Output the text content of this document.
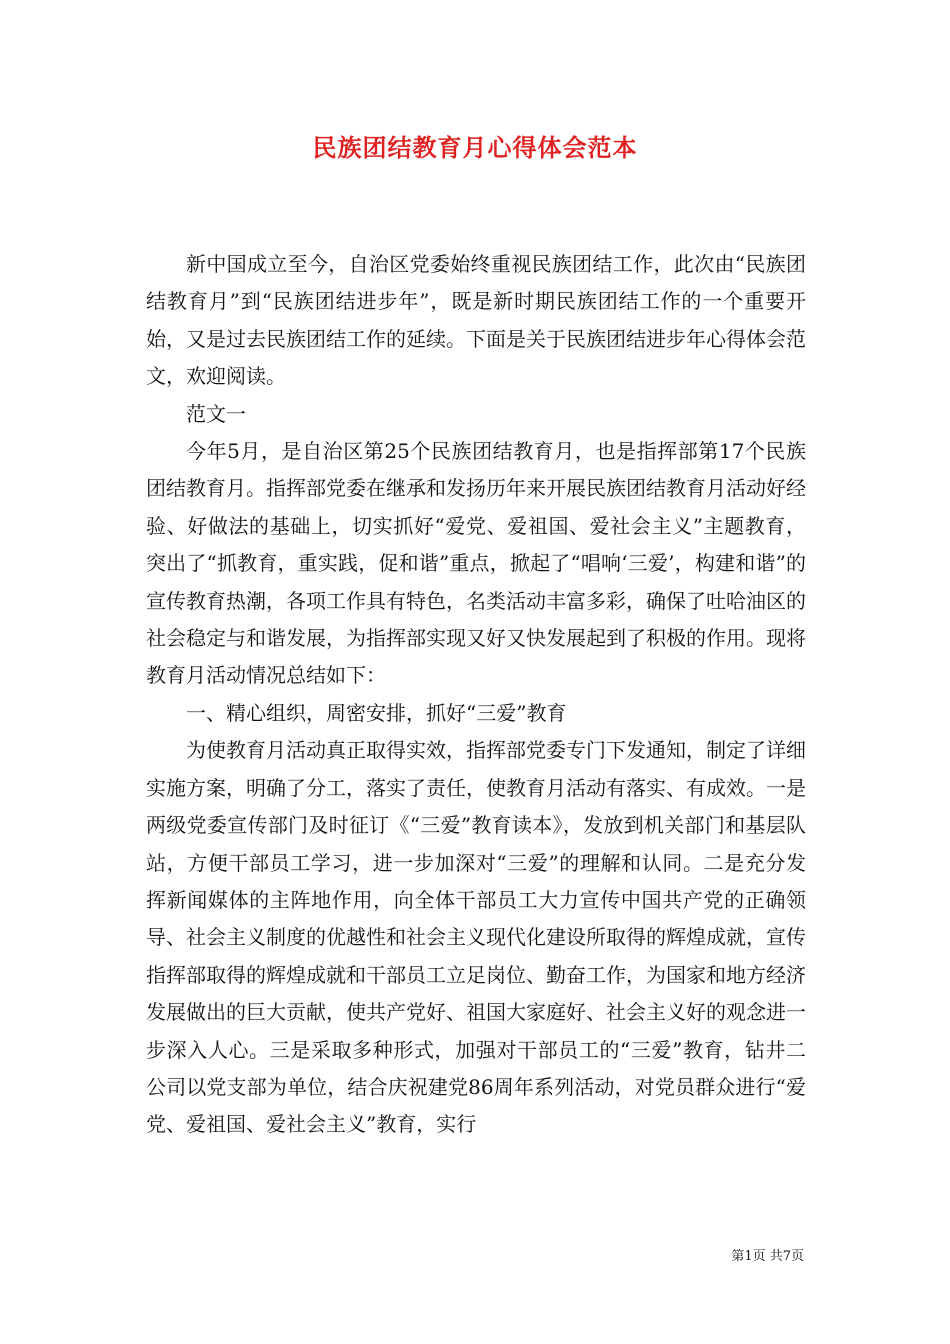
民族团结教育月心得体会范本

新中国成立至今，自治区党委始终重视民族团结工作，此次由“民族团结教育月”到“民族团结进步年”，既是新时期民族团结工作的一个重要开始，又是过去民族团结工作的延续。下面是关于民族团结进步年心得体会范文，欢迎阅读。

范文一

今年5月，是自治区第25个民族团结教育月，也是指挥部第17个民族团结教育月。指挥部党委在继承和发扬历年来开展民族团结教育月活动好经验、好做法的基础上，切实抓好“爱党、爱祖国、爱社会主义”主题教育，突出了“抓教育，重实践，促和谐”重点，掀起了“唱响‘三爱’，构建和谐”的宣传教育热潮，各项工作具有特色，名类活动丰富多彩，确保了吐哈油区的社会稳定与和谐发展，为指挥部实现又好又快发展起到了积极的作用。现将教育月活动情况总结如下：

一、精心组织，周密安排，抓好“三爱”教育

为使教育月活动真正取得实效，指挥部党委专门下发通知，制定了详细实施方案，明确了分工，落实了责任，使教育月活动有落实、有成效。一是两级党委宣传部门及时征订《“三爱”教育读本》，发放到机关部门和基层队站，方便干部员工学习，进一步加深对“三爱”的理解和认同。二是充分发挥新闻媒体的主阵地作用，向全体干部员工大力宣传中国共产党的正确领导、社会主义制度的优越性和社会主义现代化建设所取得的辉煌成就，宣传指挥部取得的辉煌成就和干部员工立足岗位、勤奋工作，为国家和地方经济发展做出的巨大贡献，使共产党好、祖国大家庭好、社会主义好的观念进一步深入人心。三是采取多种形式，加强对干部员工的“三爱”教育，钻井二公司以党支部为单位，结合庆祝建党86周年系列活动，对党员群众进行“爱党、爱祖国、爱社会主义”教育，实行

第1页 共7页
